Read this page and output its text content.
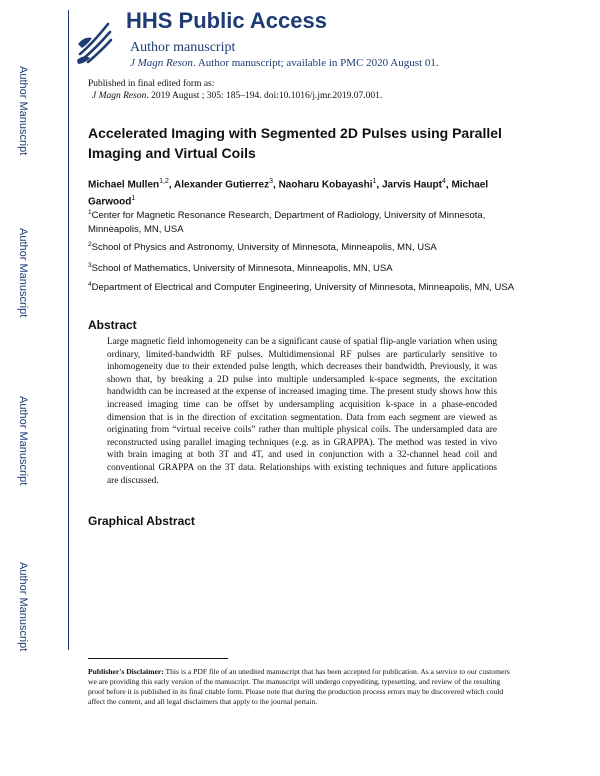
Author Manuscript
Author Manuscript
Author Manuscript
Author Manuscript
HHS Public Access
Author manuscript
J Magn Reson. Author manuscript; available in PMC 2020 August 01.
Published in final edited form as:
J Magn Reson. 2019 August ; 305: 185–194. doi:10.1016/j.jmr.2019.07.001.
Accelerated Imaging with Segmented 2D Pulses using Parallel Imaging and Virtual Coils
Michael Mullen$^{1,2}$, Alexander Gutierrez$^3$, Naoharu Kobayashi$^1$, Jarvis Haupt$^4$, Michael Garwood$^1$
$^1$Center for Magnetic Resonance Research, Department of Radiology, University of Minnesota, Minneapolis, MN, USA
$^2$School of Physics and Astronomy, University of Minnesota, Minneapolis, MN, USA
$^3$School of Mathematics, University of Minnesota, Minneapolis, MN, USA
$^4$Department of Electrical and Computer Engineering, University of Minnesota, Minneapolis, MN, USA
Abstract
Large magnetic field inhomogeneity can be a significant cause of spatial flip-angle variation when using ordinary, limited-bandwidth RF pulses. Multidimensional RF pulses are particularly sensitive to inhomogeneity due to their extended pulse length, which decreases their bandwidth. Previously, it was shown that, by breaking a 2D pulse into multiple undersampled k-space segments, the excitation bandwidth can be increased at the expense of increased imaging time. The present study shows how this increased imaging time can be offset by undersampling acquisition k-space in a phase-encoded dimension that is in the direction of excitation segmentation. Data from each segment are viewed as originating from “virtual receive coils” rather than multiple physical coils. The undersampled data are reconstructed using parallel imaging techniques (e.g. as in GRAPPA). The method was tested in vivo with brain imaging at both 3T and 4T, and used in conjunction with a 32-channel head coil and conventional GRAPPA on the 3T data. Relationships with existing techniques and future applications are discussed.
Graphical Abstract
Publisher's Disclaimer: This is a PDF file of an unedited manuscript that has been accepted for publication. As a service to our customers we are providing this early version of the manuscript. The manuscript will undergo copyediting, typesetting, and review of the resulting proof before it is published in its final citable form. Please note that during the production process errors may be discovered which could affect the content, and all legal disclaimers that apply to the journal pertain.
